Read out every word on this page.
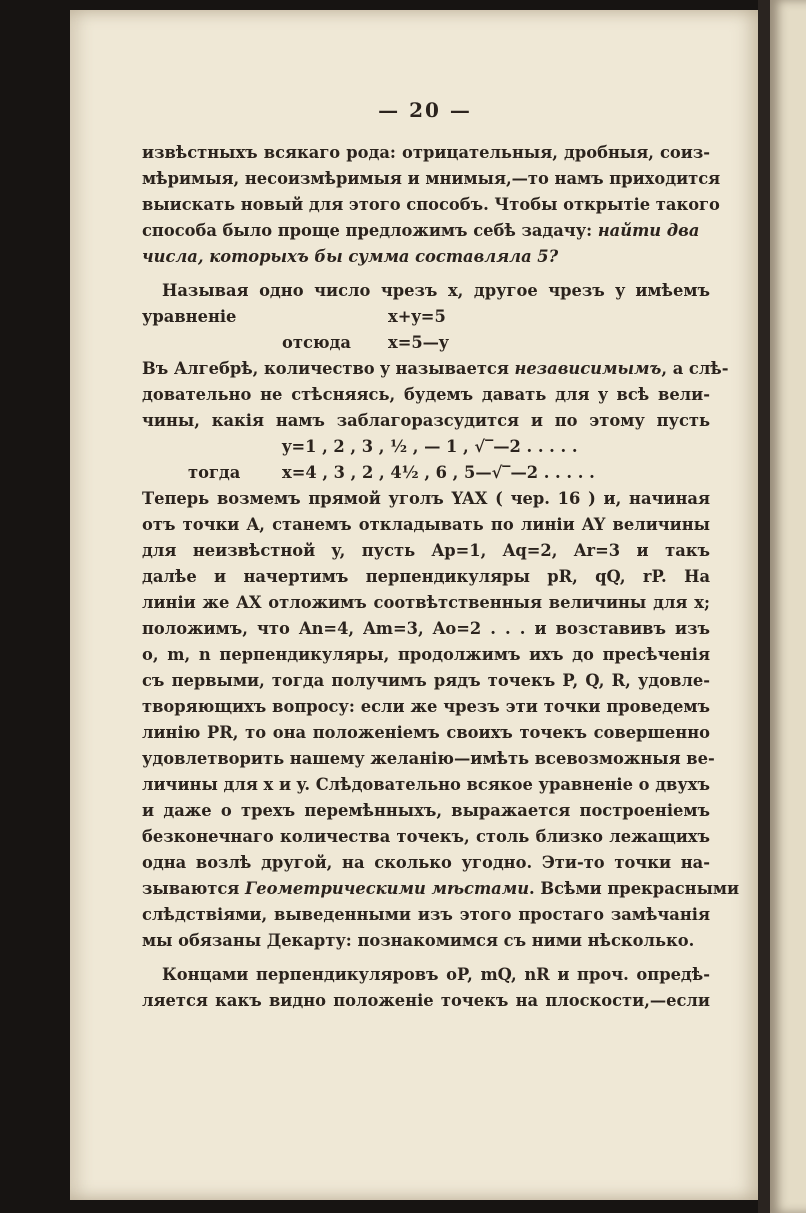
— 20 —
извѣстныхъ всякаго рода: отрицательныя, дробныя, соиз-
мѣримыя, несоизмѣримыя и мнимыя,—то намъ приходится
выискать новый для этого способъ. Чтобы открытіе такого
способа было проще предложимъ себѣ задачу: найти два
числа, которыхъ бы сумма составляла 5?
Называя одно число чрезъ x, другое чрезъ y имѣемъ
уравненіе	x+y=5
отсюда x=5—y
Въ Алгебрѣ, количество y называется независимымъ, а слѣ-
довательно не стѣсняясь, будемъ давать для y всѣ вели-
чины, какія намъ заблагоразсудится и по этому пусть
y=1 , 2 , 3 , ½ , — 1 , √‾—2 . . . . .
тогда	x=4 , 3 , 2 , 4½ , 6 , 5—√‾—2 . . . . .
Теперь возмемъ прямой уголъ YAX ( чер. 16 ) и, начиная
отъ точки A, станемъ откладывать по линіи AY величины
для неизвѣстной y, пусть Ap=1, Aq=2, Ar=3 и такъ
далѣе и начертимъ перпендикуляры pR, qQ, rP. На
линіи же AX отложимъ соотвѣтственныя величины для x;
положимъ, что An=4, Am=3, Ao=2 . . . и возставивъ изъ
o, m, n перпендикуляры, продолжимъ ихъ до пресѣченія
съ первыми, тогда получимъ рядъ точекъ P, Q, R, удовле-
творяющихъ вопросу: если же чрезъ эти точки проведемъ
линію PR, то она положеніемъ своихъ точекъ совершенно
удовлетворить нашему желанію—имѣть всевозможныя ве-
личины для x и y. Слѣдовательно всякое уравненіе о двухъ
и даже о трехъ перемѣнныхъ, выражается построеніемъ
безконечнаго количества точекъ, столь близко лежащихъ
одна возлѣ другой, на сколько угодно. Эти-то точки на-
зываются Геометрическими мѣстами. Всѣми прекрасными
слѣдствіями, выведенными изъ этого простаго замѣчанія
мы обязаны Декарту: познакомимся съ ними нѣсколько.
Концами перпендикуляровъ oP, mQ, nR и проч. опредѣ-
ляется какъ видно положеніе точекъ на плоскости,—если
